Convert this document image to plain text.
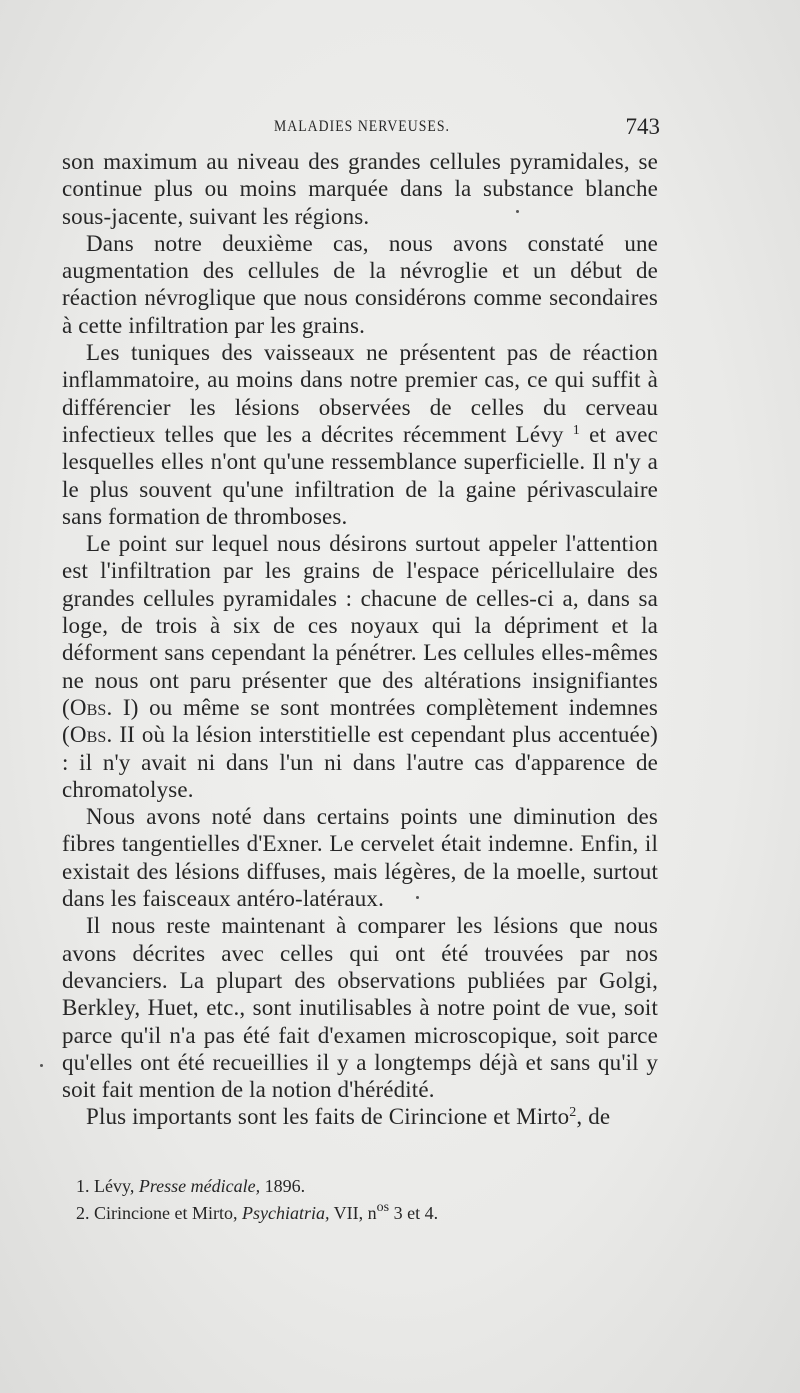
MALADIES NERVEUSES.	743

son maximum au niveau des grandes cellules pyramidales, se continue plus ou moins marquée dans la substance blanche sous-jacente, suivant les régions.

Dans notre deuxième cas, nous avons constaté une augmentation des cellules de la névroglie et un début de réaction névroglique que nous considérons comme secondaires à cette infiltration par les grains.

Les tuniques des vaisseaux ne présentent pas de réaction inflammatoire, au moins dans notre premier cas, ce qui suffit à différencier les lésions observées de celles du cerveau infectieux telles que les a décrites récemment Lévy $^1$ et avec lesquelles elles n'ont qu'une ressemblance superficielle. Il n'y a le plus souvent qu'une infiltration de la gaine périvasculaire sans formation de thromboses.

Le point sur lequel nous désirons surtout appeler l'attention est l'infiltration par les grains de l'espace péricellulaire des grandes cellules pyramidales : chacune de celles-ci a, dans sa loge, de trois à six de ces noyaux qui la dépriment et la déforment sans cependant la pénétrer. Les cellules elles-mêmes ne nous ont paru présenter que des altérations insignifiantes (Obs. I) ou même se sont montrées complètement indemnes (Obs. II où la lésion interstitielle est cependant plus accentuée) : il n'y avait ni dans l'un ni dans l'autre cas d'apparence de chromatolyse.

Nous avons noté dans certains points une diminution des fibres tangentielles d'Exner. Le cervelet était indemne. Enfin, il existait des lésions diffuses, mais légères, de la moelle, surtout dans les faisceaux antéro-latéraux.

Il nous reste maintenant à comparer les lésions que nous avons décrites avec celles qui ont été trouvées par nos devanciers. La plupart des observations publiées par Golgi, Berkley, Huet, etc., sont inutilisables à notre point de vue, soit parce qu'il n'a pas été fait d'examen microscopique, soit parce qu'elles ont été recueillies il y a longtemps déjà et sans qu'il y soit fait mention de la notion d'hérédité.

Plus importants sont les faits de Cirincione et Mirto$^2$, de

1. Lévy, Presse médicale, 1896.

2. Cirincione et Mirto, Psychiatria, VII, $n^{os}$ 3 et 4.
